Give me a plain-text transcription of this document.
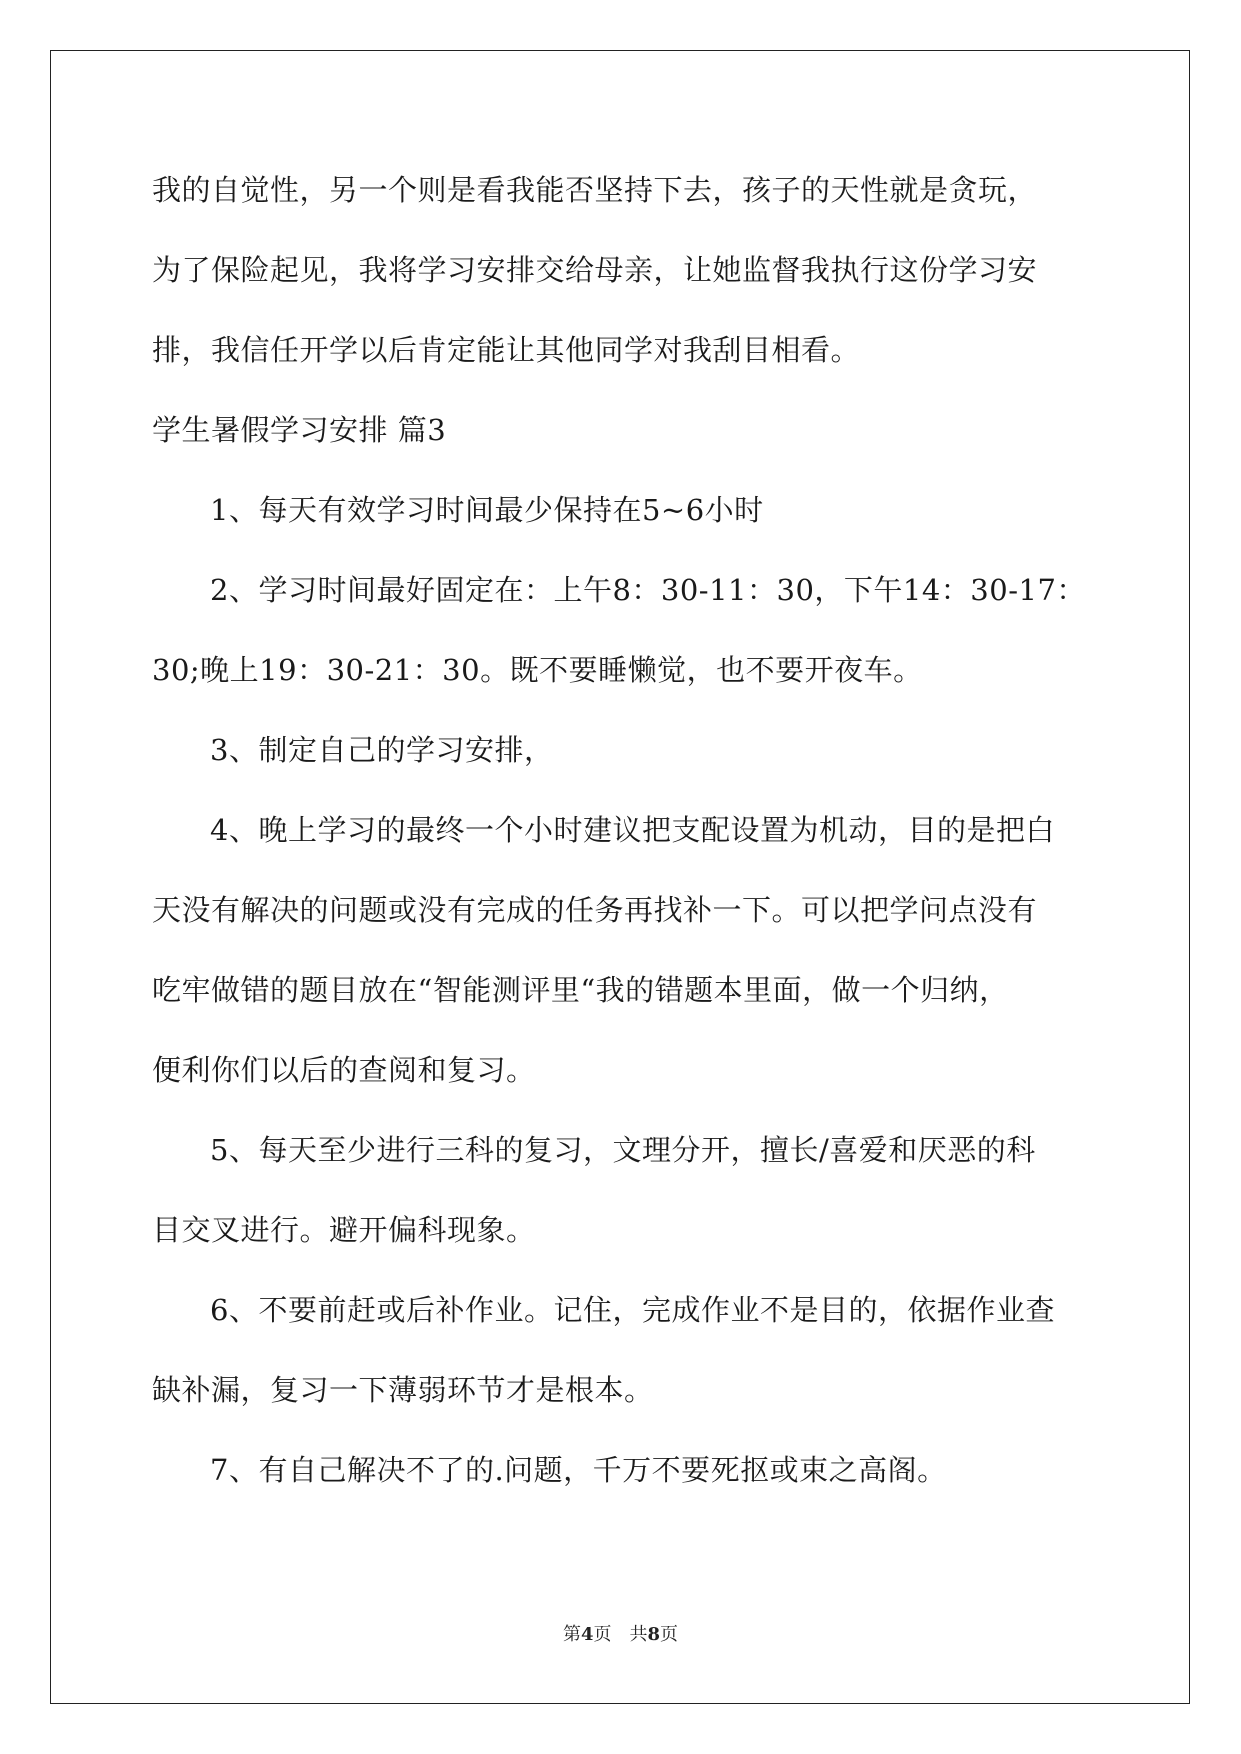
我的自觉性，另一个则是看我能否坚持下去，孩子的天性就是贪玩，
为了保险起见，我将学习安排交给母亲，让她监督我执行这份学习安
排，我信任开学以后肯定能让其他同学对我刮目相看。
学生暑假学习安排 篇3
1、每天有效学习时间最少保持在5~6小时
2、学习时间最好固定在：上午8：30-11：30，下午14：30-17：
30;晚上19：30-21：30。既不要睡懒觉，也不要开夜车。
3、制定自己的学习安排，
4、晚上学习的最终一个小时建议把支配设置为机动，目的是把白
天没有解决的问题或没有完成的任务再找补一下。可以把学问点没有
吃牢做错的题目放在“智能测评里“我的错题本里面，做一个归纳，
便利你们以后的查阅和复习。
5、每天至少进行三科的复习，文理分开，擅长/喜爱和厌恶的科
目交叉进行。避开偏科现象。
6、不要前赶或后补作业。记住，完成作业不是目的，依据作业查
缺补漏，复习一下薄弱环节才是根本。
7、有自己解决不了的.问题，千万不要死抠或束之高阁。
第4页 共8页
